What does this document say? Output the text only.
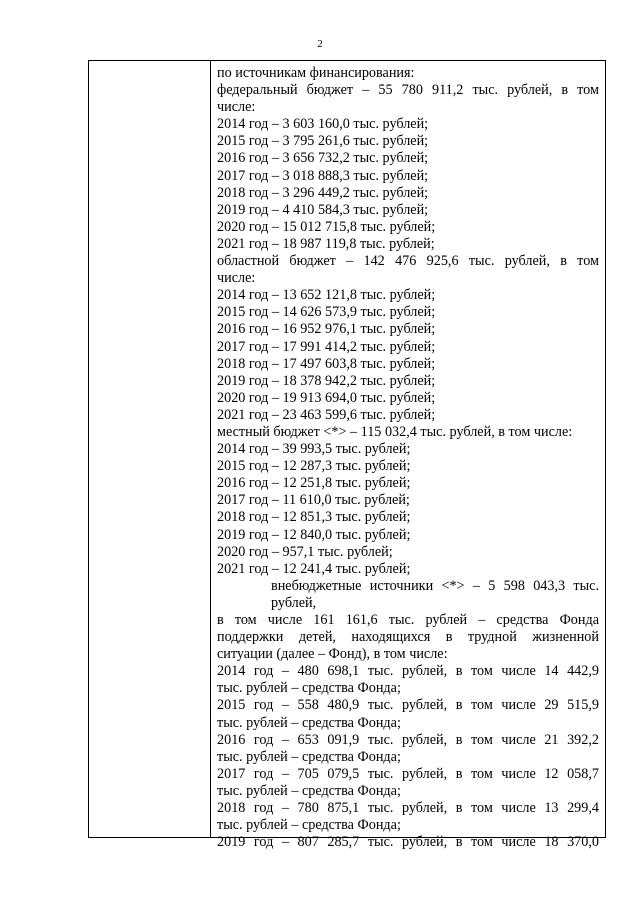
2
по источникам финансирования:
федеральный бюджет – 55 780 911,2 тыс. рублей, в том
числе:
2014 год – 3 603 160,0 тыс. рублей;
2015 год – 3 795 261,6 тыс. рублей;
2016 год – 3 656 732,2 тыс. рублей;
2017 год – 3 018 888,3 тыс. рублей;
2018 год – 3 296 449,2 тыс. рублей;
2019 год – 4 410 584,3 тыс. рублей;
2020 год – 15 012 715,8 тыс. рублей;
2021 год – 18 987 119,8 тыс. рублей;
областной бюджет – 142 476 925,6 тыс. рублей, в том
числе:
2014 год – 13 652 121,8 тыс. рублей;
2015 год – 14 626 573,9 тыс. рублей;
2016 год – 16 952 976,1 тыс. рублей;
2017 год – 17 991 414,2 тыс. рублей;
2018 год – 17 497 603,8 тыс. рублей;
2019 год – 18 378 942,2 тыс. рублей;
2020 год – 19 913 694,0 тыс. рублей;
2021 год – 23 463 599,6 тыс. рублей;
местный бюджет <*> – 115 032,4 тыс. рублей, в том числе:
2014 год – 39 993,5 тыс. рублей;
2015 год – 12 287,3 тыс. рублей;
2016 год – 12 251,8 тыс. рублей;
2017 год – 11 610,0 тыс. рублей;
2018 год – 12 851,3 тыс. рублей;
2019 год – 12 840,0 тыс. рублей;
2020 год – 957,1 тыс. рублей;
2021 год – 12 241,4 тыс. рублей;
внебюджетные источники <*> – 5 598 043,3 тыс. рублей,
в том числе 161 161,6 тыс. рублей – средства Фонда
поддержки детей, находящихся в трудной жизненной
ситуации (далее – Фонд), в том числе:
2014 год – 480 698,1 тыс. рублей, в том числе 14 442,9
тыс. рублей – средства Фонда;
2015 год – 558 480,9 тыс. рублей, в том числе 29 515,9
тыс. рублей – средства Фонда;
2016 год – 653 091,9 тыс. рублей, в том числе 21 392,2
тыс. рублей – средства Фонда;
2017 год – 705 079,5 тыс. рублей, в том числе 12 058,7
тыс. рублей – средства Фонда;
2018 год – 780 875,1 тыс. рублей, в том числе 13 299,4
тыс. рублей – средства Фонда;
2019 год – 807 285,7 тыс. рублей, в том числе 18 370,0
